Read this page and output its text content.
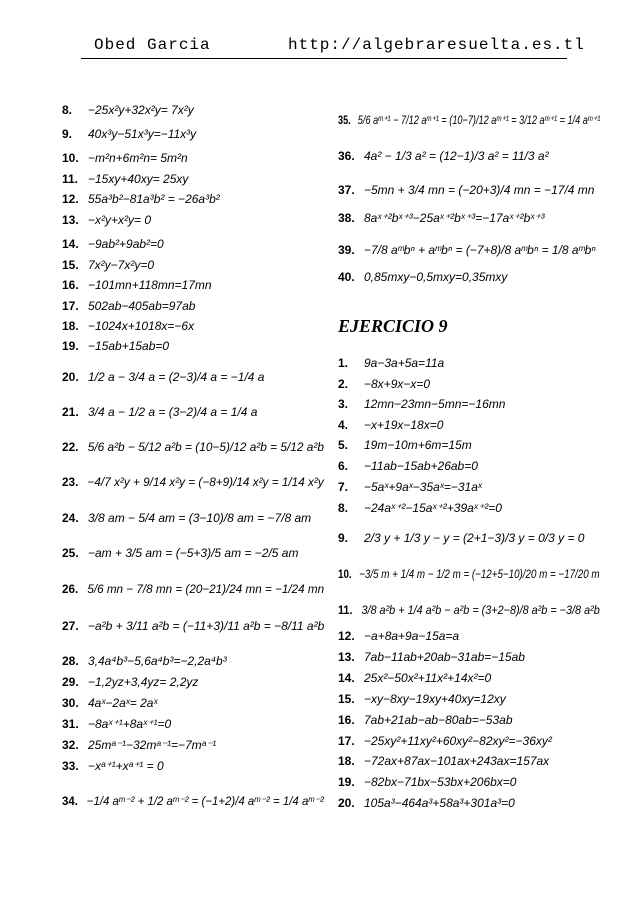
Obed Garcia	http://algebraresuelta.es.tl
8.	−25x²y+32x²y= 7x²y
9.	40x³y−51x³y=−11x³y
10. −m²n+6m²n= 5m²n
11. −15xy+40xy= 25xy
12. 55a³b²−81a³b² = −26a³b²
13. −x²y+x²y= 0
14. −9ab²+9ab²=0
15. 7x²y−7x²y=0
16. −101mn+118mn=17mn
17. 502ab−405ab=97ab
18. −1024x+1018x=−6x
19. −15ab+15ab=0
20. 1/2 a − 3/4 a = (2−3)/4 a = −1/4 a
21. 3/4 a − 1/2 a = (3−2)/4 a = 1/4 a
22. 5/6 a²b − 5/12 a²b = (10−5)/12 a²b = 5/12 a²b
23. −4/7 x²y + 9/14 x²y = (−8+9)/14 x²y = 1/14 x²y
24. 3/8 am − 5/4 am = (3−10)/8 am = −7/8 am
25. −am + 3/5 am = (−5+3)/5 am = −2/5 am
26. 5/6 mn − 7/8 mn = (20−21)/24 mn = −1/24 mn
27. −a²b + 3/11 a²b = (−11+3)/11 a²b = −8/11 a²b
28. 3,4a⁴b³−5,6a⁴b³=−2,2a⁴b³
29. −1,2yz+3,4yz= 2,2yz
30. 4aˣ−2aˣ= 2aˣ
31. −8aˣ⁺¹+8aˣ⁺¹=0
32. 25mᵃ⁻¹−32mᵃ⁻¹=−7mᵃ⁻¹
33. −xᵃ⁺¹+xᵃ⁺¹ = 0
34. −1/4 aᵐ⁻² + 1/2 aᵐ⁻² = (−1+2)/4 aᵐ⁻² = 1/4 aᵐ⁻²
EJERCICIO 9
35. 5/6 aᵐ⁺¹ − 7/12 aᵐ⁺¹ = (10−7)/12 aᵐ⁺¹ = 3/12 aᵐ⁺¹ = 1/4 aᵐ⁺¹
36. 4a² − 1/3 a² = (12−1)/3 a² = 11/3 a²
37. −5mn + 3/4 mn = (−20+3)/4 mn = −17/4 mn
38. 8aˣ⁺²bˣ⁺³−25aˣ⁺²bˣ⁺³=−17aˣ⁺²bˣ⁺³
39. −7/8 aᵐbⁿ + aᵐbⁿ = (−7+8)/8 aᵐbⁿ = 1/8 aᵐbⁿ
40. 0,85mxy−0,5mxy=0,35mxy
1.	9a−3a+5a=11a
2.	−8x+9x−x=0
3.	12mn−23mn−5mn=−16mn
4.	−x+19x−18x=0
5.	19m−10m+6m=15m
6.	−11ab−15ab+26ab=0
7.	−5aˣ+9aˣ−35aˣ=−31aˣ
8.	−24aˣ⁺²−15aˣ⁺²+39aˣ⁺²=0
9.	2/3 y + 1/3 y − y = (2+1−3)/3 y = 0/3 y = 0
10. −3/5 m + 1/4 m − 1/2 m = (−12+5−10)/20 m = −17/20 m
11. 3/8 a²b + 1/4 a²b − a²b = (3+2−8)/8 a²b = −3/8 a²b
12. −a+8a+9a−15a=a
13. 7ab−11ab+20ab−31ab=−15ab
14. 25x²−50x²+11x²+14x²=0
15. −xy−8xy−19xy+40xy=12xy
16. 7ab+21ab−ab−80ab=−53ab
17. −25xy²+11xy²+60xy²−82xy²=−36xy²
18. −72ax+87ax−101ax+243ax=157ax
19. −82bx−71bx−53bx+206bx=0
20. 105a³−464a³+58a³+301a³=0
